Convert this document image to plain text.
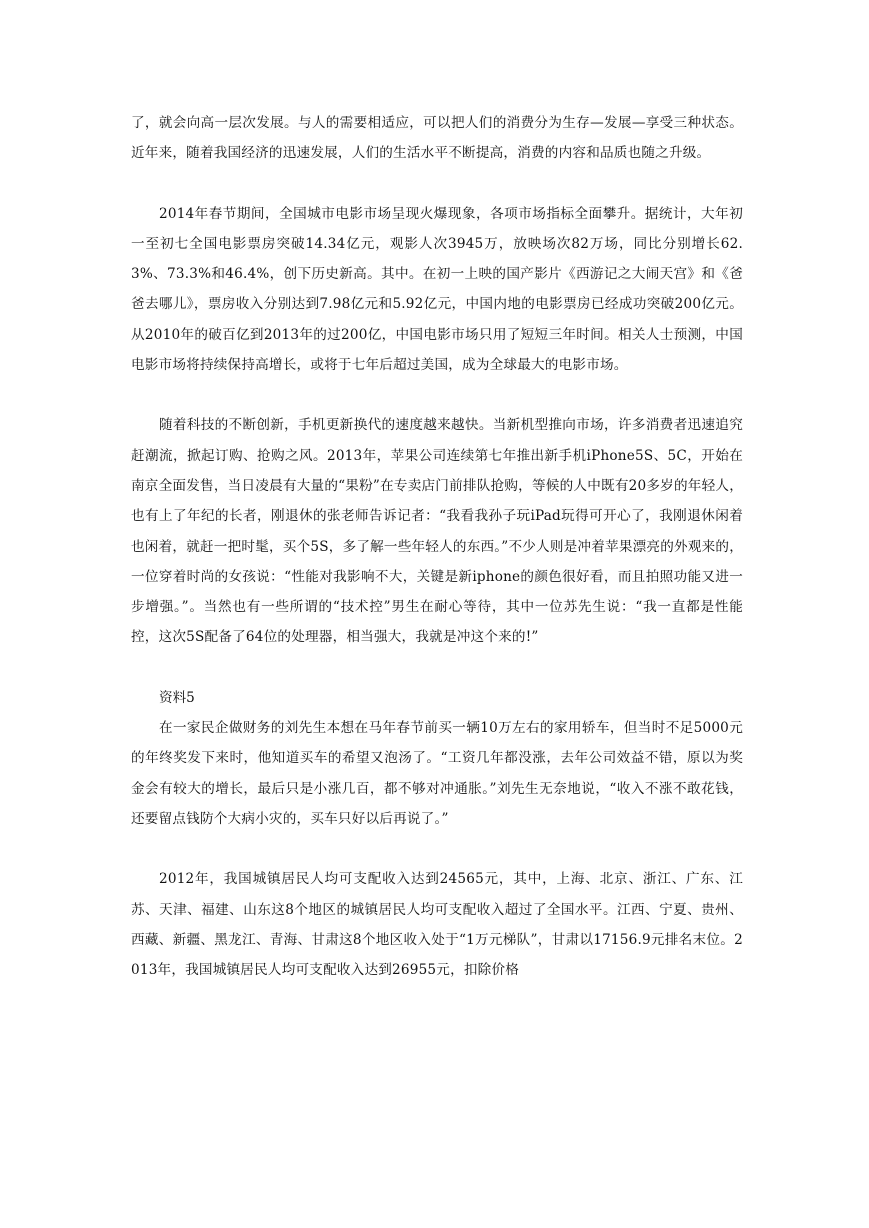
了，就会向高一层次发展。与人的需要相适应，可以把人们的消费分为生存—发展—享受三种状态。近年来，随着我国经济的迅速发展，人们的生活水平不断提高，消费的内容和品质也随之升级。

2014年春节期间，全国城市电影市场呈现火爆现象，各项市场指标全面攀升。据统计，大年初一至初七全国电影票房突破14.34亿元，观影人次3945万，放映场次82万场，同比分别增长62.3%、73.3%和46.4%，创下历史新高。其中。在初一上映的国产影片《西游记之大闹天宫》和《爸爸去哪儿》，票房收入分别达到7.98亿元和5.92亿元，中国内地的电影票房已经成功突破200亿元。从2010年的破百亿到2013年的过200亿，中国电影市场只用了短短三年时间。相关人士预测，中国电影市场将持续保持高增长，或将于七年后超过美国，成为全球最大的电影市场。

随着科技的不断创新，手机更新换代的速度越来越快。当新机型推向市场，许多消费者迅速追究赶潮流，掀起订购、抢购之风。2013年，苹果公司连续第七年推出新手机iPhone5S、5C，开始在南京全面发售，当日凌晨有大量的“果粉”在专卖店门前排队抢购，等候的人中既有20多岁的年轻人，也有上了年纪的长者，刚退休的张老师告诉记者：“我看我孙子玩iPad玩得可开心了，我刚退休闲着也闲着，就赶一把时髦，买个5S，多了解一些年轻人的东西。”不少人则是冲着苹果漂亮的外观来的，一位穿着时尚的女孩说：“性能对我影响不大，关键是新iphone的颜色很好看，而且拍照功能又进一步增强。”。当然也有一些所谓的“技术控”男生在耐心等待，其中一位苏先生说：“我一直都是性能控，这次5S配备了64位的处理器，相当强大，我就是冲这个来的!”

资料5

在一家民企做财务的刘先生本想在马年春节前买一辆10万左右的家用轿车，但当时不足5000元的年终奖发下来时，他知道买车的希望又泡汤了。“工资几年都没涨，去年公司效益不错，原以为奖金会有较大的增长，最后只是小涨几百，都不够对冲通胀。”刘先生无奈地说，“收入不涨不敢花钱，还要留点钱防个大病小灾的，买车只好以后再说了。”

2012年，我国城镇居民人均可支配收入达到24565元，其中，上海、北京、浙江、广东、江苏、天津、福建、山东这8个地区的城镇居民人均可支配收入超过了全国水平。江西、宁夏、贵州、西藏、新疆、黑龙江、青海、甘肃这8个地区收入处于“1万元梯队”，甘肃以17156.9元排名末位。2013年，我国城镇居民人均可支配收入达到26955元，扣除价格
